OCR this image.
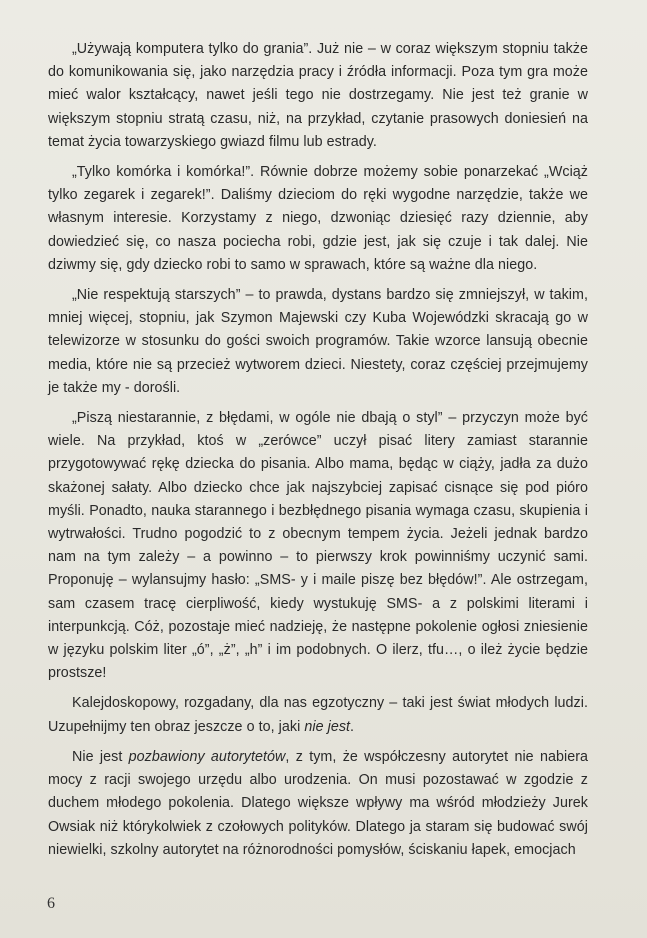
„Używają komputera tylko do grania”. Już nie – w coraz większym stopniu także do komunikowania się, jako narzędzia pracy i źródła informacji. Poza tym gra może mieć walor kształcący, nawet jeśli tego nie dostrzegamy. Nie jest też granie w większym stopniu stratą czasu, niż, na przykład, czytanie prasowych doniesień na temat życia towarzyskiego gwiazd filmu lub estrady.

„Tylko komórka i komórka!”. Równie dobrze możemy sobie ponarzekać „Wciąż tylko zegarek i zegarek!”. Daliśmy dzieciom do ręki wygodne narzędzie, także we własnym interesie. Korzystamy z niego, dzwoniąc dziesięć razy dziennie, aby dowiedzieć się, co nasza pociecha robi, gdzie jest, jak się czuje i tak dalej. Nie dziwmy się, gdy dziecko robi to samo w sprawach, które są ważne dla niego.

„Nie respektują starszych” – to prawda, dystans bardzo się zmniejszył, w takim, mniej więcej, stopniu, jak Szymon Majewski czy Kuba Wojewódzki skracają go w telewizorze w stosunku do gości swoich programów. Takie wzorce lansują obecnie media, które nie są przecież wytworem dzieci. Niestety, coraz częściej przejmujemy je także my - dorośli.

„Piszą niestarannie, z błędami, w ogóle nie dbają o styl” – przyczyn może być wiele. Na przykład, ktoś w „zerówce” uczył pisać litery zamiast starannie przygotowywać rękę dziecka do pisania. Albo mama, będąc w ciąży, jadła za dużo skażonej sałaty. Albo dziecko chce jak najszybciej zapisać cisnące się pod pióro myśli. Ponadto, nauka starannego i bezbłędnego pisania wymaga czasu, skupienia i wytrwałości. Trudno pogodzić to z obecnym tempem życia. Jeżeli jednak bardzo nam na tym zależy – a powinno – to pierwszy krok powinniśmy uczynić sami. Proponuję – wylansujmy hasło: „SMS- y i maile piszę bez błędów!”. Ale ostrzegam, sam czasem tracę cierpliwość, kiedy wystukuję SMS- a z polskimi literami i interpunkcją. Cóż, pozostaje mieć nadzieję, że następne pokolenie ogłosi zniesienie w języku polskim liter „ó”, „ż”, „h” i im podobnych. O ilerz, tfu…, o ileż życie będzie prostsze!

Kalejdoskopowy, rozgadany, dla nas egzotyczny – taki jest świat młodych ludzi. Uzupełnijmy ten obraz jeszcze o to, jaki nie jest.

Nie jest pozbawiony autorytetów, z tym, że współczesny autorytet nie nabiera mocy z racji swojego urzędu albo urodzenia. On musi pozostawać w zgodzie z duchem młodego pokolenia. Dlatego większe wpływy ma wśród młodzieży Jurek Owsiak niż którykolwiek z czołowych polityków. Dlatego ja staram się budować swój niewielki, szkolny autorytet na różnorodności pomysłów, ściskaniu łapek, emocjach

6
